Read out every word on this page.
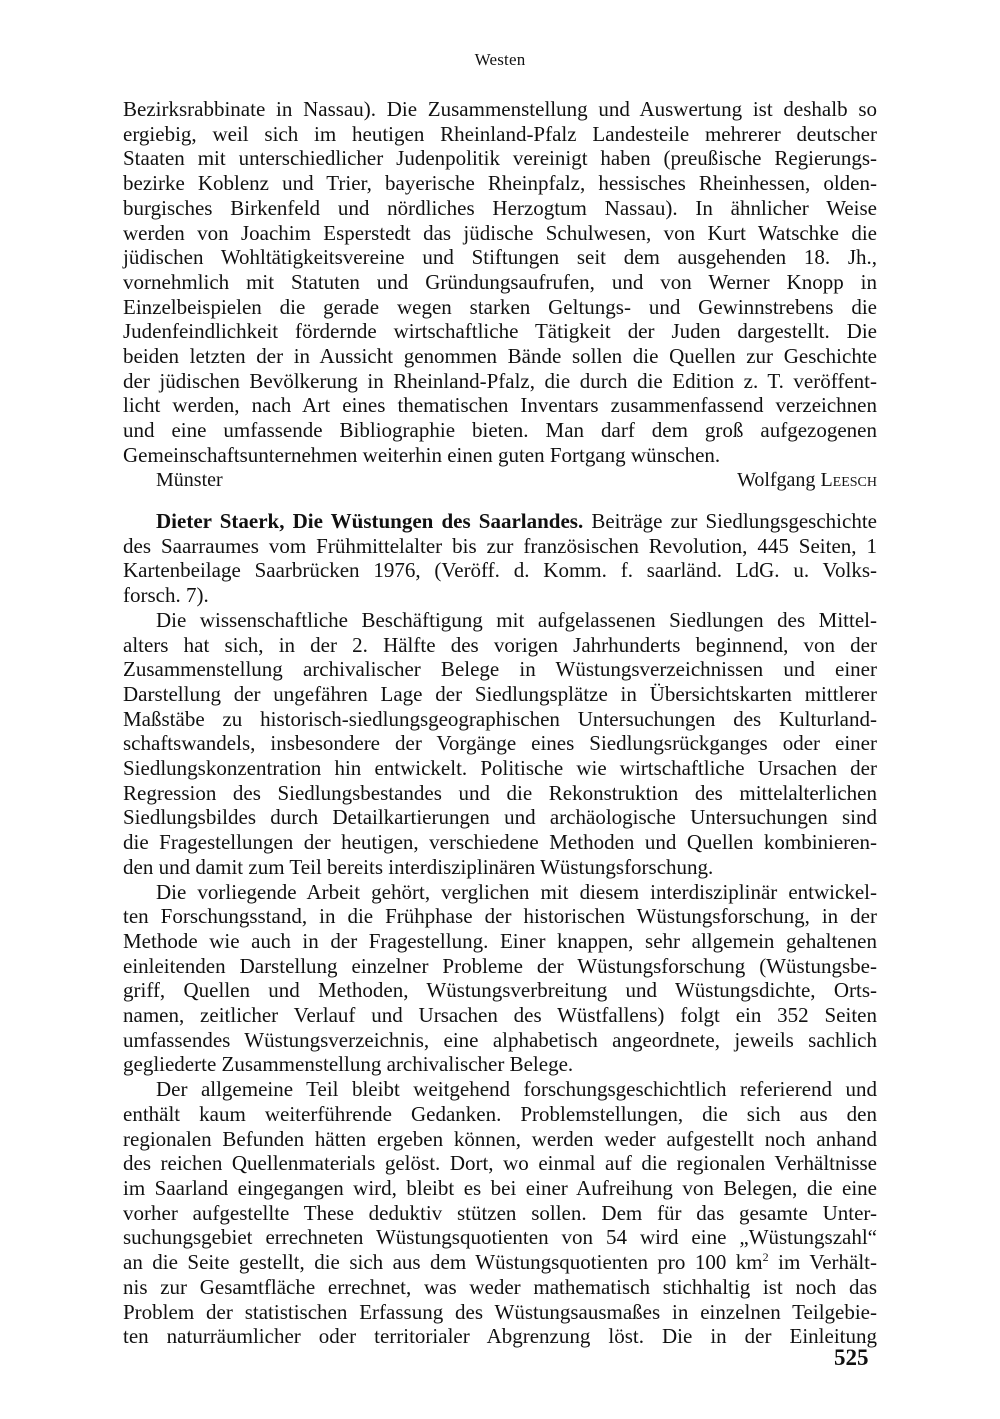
Westen

Bezirksrabbinate in Nassau). Die Zusammenstellung und Auswertung ist deshalb so

ergiebig, weil sich im heutigen Rheinland-Pfalz Landesteile mehrerer deutscher

Staaten mit unterschiedlicher Judenpolitik vereinigt haben (preußische Regierungs-

bezirke Koblenz und Trier, bayerische Rheinpfalz, hessisches Rheinhessen, olden-

burgisches Birkenfeld und nördliches Herzogtum Nassau). In ähnlicher Weise

werden von Joachim Esperstedt das jüdische Schulwesen, von Kurt Watschke die

jüdischen Wohltätigkeitsvereine und Stiftungen seit dem ausgehenden 18. Jh.,

vornehmlich mit Statuten und Gründungsaufrufen, und von Werner Knopp in

Einzelbeispielen die gerade wegen starken Geltungs- und Gewinnstrebens die

Judenfeindlichkeit fördernde wirtschaftliche Tätigkeit der Juden dargestellt. Die

beiden letzten der in Aussicht genommen Bände sollen die Quellen zur Geschichte

der jüdischen Bevölkerung in Rheinland-Pfalz, die durch die Edition z. T. veröffent-

licht werden, nach Art eines thematischen Inventars zusammenfassend verzeichnen

und eine umfassende Bibliographie bieten. Man darf dem groß aufgezogenen

Gemeinschaftsunternehmen weiterhin einen guten Fortgang wünschen.

Münster	Wolfgang Leesch

Dieter Staerk, Die Wüstungen des Saarlandes. Beiträge zur Siedlungsgeschichte

des Saarraumes vom Frühmittelalter bis zur französischen Revolution, 445 Seiten, 1

Kartenbeilage Saarbrücken 1976, (Veröff. d. Komm. f. saarländ. LdG. u. Volks-

forsch. 7).

Die wissenschaftliche Beschäftigung mit aufgelassenen Siedlungen des Mittel-

alters hat sich, in der 2. Hälfte des vorigen Jahrhunderts beginnend, von der

Zusammenstellung archivalischer Belege in Wüstungsverzeichnissen und einer

Darstellung der ungefähren Lage der Siedlungsplätze in Übersichtskarten mittlerer

Maßstäbe zu historisch-siedlungsgeographischen Untersuchungen des Kulturland-

schaftswandels, insbesondere der Vorgänge eines Siedlungsrückganges oder einer

Siedlungskonzentration hin entwickelt. Politische wie wirtschaftliche Ursachen der

Regression des Siedlungsbestandes und die Rekonstruktion des mittelalterlichen

Siedlungsbildes durch Detailkartierungen und archäologische Untersuchungen sind

die Fragestellungen der heutigen, verschiedene Methoden und Quellen kombinieren-

den und damit zum Teil bereits interdisziplinären Wüstungsforschung.

Die vorliegende Arbeit gehört, verglichen mit diesem interdisziplinär entwickel-

ten Forschungsstand, in die Frühphase der historischen Wüstungsforschung, in der

Methode wie auch in der Fragestellung. Einer knappen, sehr allgemein gehaltenen

einleitenden Darstellung einzelner Probleme der Wüstungsforschung (Wüstungsbe-

griff, Quellen und Methoden, Wüstungsverbreitung und Wüstungsdichte, Orts-

namen, zeitlicher Verlauf und Ursachen des Wüstfallens) folgt ein 352 Seiten

umfassendes Wüstungsverzeichnis, eine alphabetisch angeordnete, jeweils sachlich

gegliederte Zusammenstellung archivalischer Belege.

Der allgemeine Teil bleibt weitgehend forschungsgeschichtlich referierend und

enthält kaum weiterführende Gedanken. Problemstellungen, die sich aus den

regionalen Befunden hätten ergeben können, werden weder aufgestellt noch anhand

des reichen Quellenmaterials gelöst. Dort, wo einmal auf die regionalen Verhältnisse

im Saarland eingegangen wird, bleibt es bei einer Aufreihung von Belegen, die eine

vorher aufgestellte These deduktiv stützen sollen. Dem für das gesamte Unter-

suchungsgebiet errechneten Wüstungsquotienten von 54 wird eine „Wüstungszahl“

an die Seite gestellt, die sich aus dem Wüstungsquotienten pro 100 $km^2$ im Verhält-

nis zur Gesamtfläche errechnet, was weder mathematisch stichhaltig ist noch das

Problem der statistischen Erfassung des Wüstungsausmaßes in einzelnen Teilgebie-

ten naturräumlicher oder territorialer Abgrenzung löst. Die in der Einleitung

525
